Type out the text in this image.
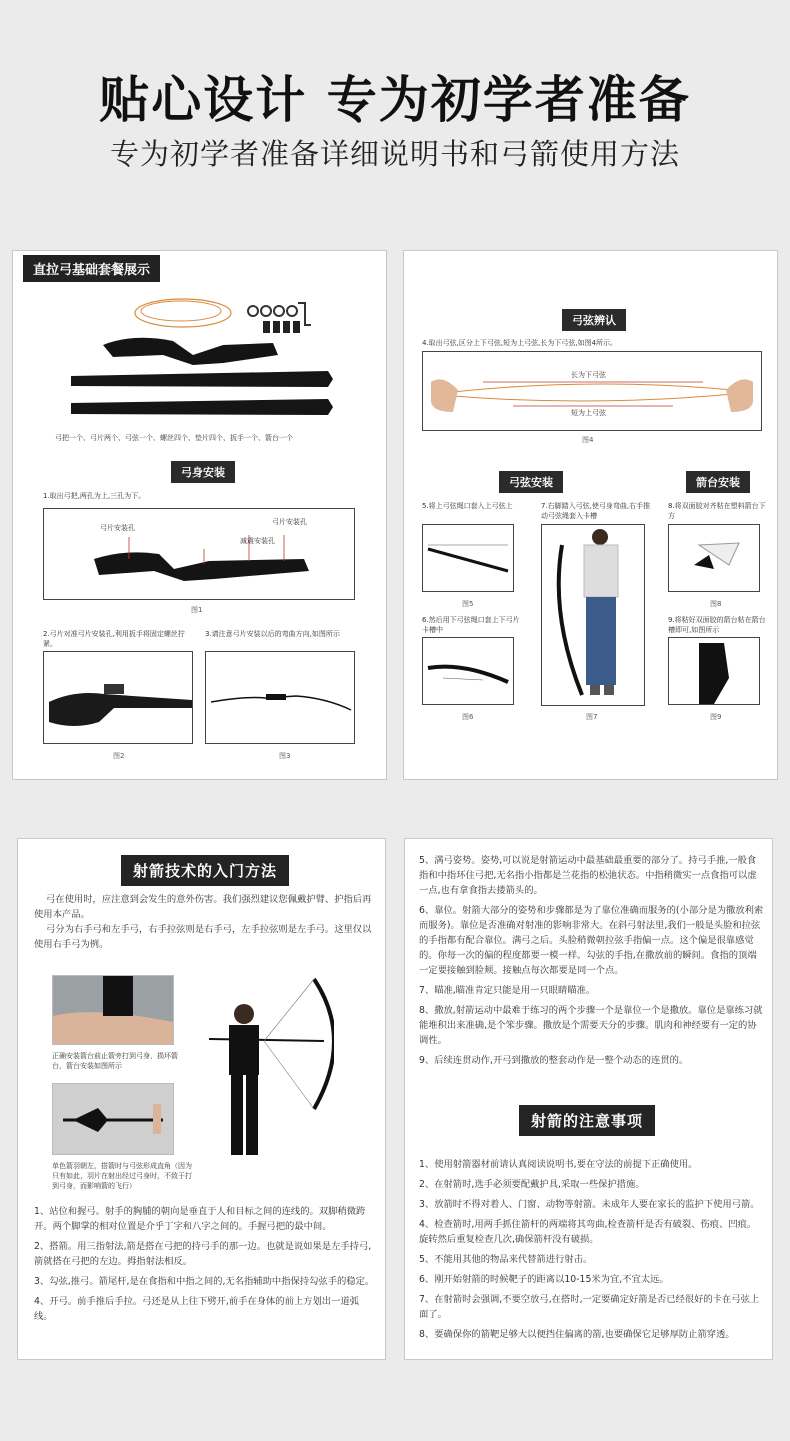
贴心设计 专为初学者准备
专为初学者准备详细说明书和弓箭使用方法
直拉弓基础套餐展示
弓把一个、弓片两个、弓弦一个、螺丝四个、垫片四个、扳手一个、箭台一个
弓身安装
1.取出弓把,两孔为上,三孔为下。
弓片安装孔
弓片安装孔
减震安装孔
图1
2.弓片对准弓片安装孔,利用扳手将固定螺丝拧紧。
3.请注意弓片安装以后的弯曲方向,如图所示
图2	图3
弓弦辨认
4.取出弓弦,区分上下弓弦,短为上弓弦,长为下弓弦,如图4所示。
长为下弓弦
短为上弓弦
图4
弓弦安装	箭台安装
5.将上弓弦绳口套入上弓弦上
图5
6.然后用下弓弦绳口套上下弓片卡槽中
图6
7.右脚踏入弓弦,使弓身弯曲,右手推动弓弦绳套入卡槽
图7
8.将双面胶对齐粘在塑料箭台下方
图8
9.将粘好双面胶的箭台粘在箭台槽即可,如图所示
图9
射箭技术的入门方法
弓在使用时，应注意到会发生的意外伤害。我们强烈建议您佩戴护臂、护指后再使用本产品。
弓分为右手弓和左手弓，右手拉弦则是右手弓，左手拉弦则是左手弓。这里仅以使用右手弓为例。
正确安装箭台前止箭旁打到弓身，损坏箭台，箭台安装如图所示
单色箭羽朝左，搭箭时与弓弦形成直角（因为只有如此，羽片在射出经过弓身时，不致于打到弓身，而影响箭的飞行）
1、站位和握弓。射手的胸脯的朝向是垂直于人和目标之间的连线的。双脚稍微跨开。两个脚掌的相对位置是介乎丁字和八字之间的。手握弓把的最中间。
2、搭箭。用三指射法,箭是搭在弓把的持弓手的那一边。也就是说如果是左手持弓,箭就搭在弓把的左边。拇指射法相反。
3、勾弦,推弓。箭尾杆,是在食指和中指之间的,无名指辅助中指保持勾弦手的稳定。
4、开弓。前手推后手拉。弓还是从上往下劈开,前手在身体的前上方划出一道弧线。
5、满弓姿势。姿势,可以说是射箭运动中最基础最重要的部分了。持弓手推,一般食指和中指环住弓把,无名指小指都是兰花指的松弛状态。中指稍微实一点食指可以虚一点,也有拿食指去搂箭头的。
6、靠位。射箭大部分的姿势和步骤都是为了靠位准确而服务的(小部分是为撒放利索而服务)。靠位是否准确对射准的影响非常大。在斜弓射法里,我们一般是头脸和拉弦的手指都有配合靠位。满弓之后。头脸稍微朝拉弦手指偏一点。这个偏是很靠感觉的。你每一次的偏的程度都要一模一样。勾弦的手指,在撒放前的瞬间。食指的顶端一定要接触到脸颊。接触点每次都要是同一个点。
7、瞄准,瞄准肯定只能是用一只眼睛瞄准。
8、撒放,射箭运动中最难于练习的两个步骤一个是靠位一个是撒放。靠位是靠练习就能堆积出来准确,是个笨步骤。撒放是个需要天分的步骤。肌肉和神经要有一定的协调性。
9、后续连贯动作,开弓到撒放的整套动作是一整个动态的连贯的。
射箭的注意事项
1、使用射箭器材前请认真阅读说明书,要在守法的前提下正确使用。
2、在射箭时,选手必须要配戴护具,采取一些保护措施。
3、放箭时不得对着人、门窗、动物等射箭。未成年人要在家长的监护下使用弓箭。
4、检查箭时,用两手抓住箭杆的两端将其弯曲,检查箭杆是否有破裂、伤痕、凹痕。旋转然后重复检查几次,确保箭杆没有破损。
5、不能用其他的物品来代替箭进行射击。
6、刚开始射箭的时候靶子的距离以10-15米为宜,不宜太远。
7、在射箭时会强调,不要空放弓,在搭时,一定要确定好箭是否已经很好的卡在弓弦上面了。
8、要确保你的箭靶足够大以便挡住偏离的箭,也要确保它足够厚防止箭穿透。
